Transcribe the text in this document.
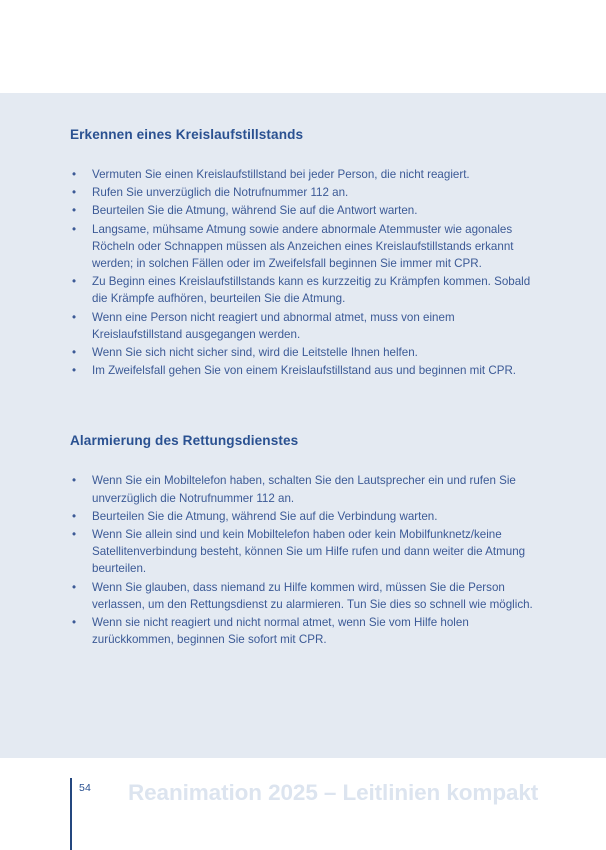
Erkennen eines Kreislaufstillstands
• Vermuten Sie einen Kreislaufstillstand bei jeder Person, die nicht reagiert.
• Rufen Sie unverzüglich die Notrufnummer 112 an.
• Beurteilen Sie die Atmung, während Sie auf die Antwort warten.
• Langsame, mühsame Atmung sowie andere abnormale Atemmuster wie agonales Röcheln oder Schnappen müssen als Anzeichen eines Kreislaufstillstands erkannt werden; in solchen Fällen oder im Zweifelsfall beginnen Sie immer mit CPR.
• Zu Beginn eines Kreislaufstillstands kann es kurzzeitig zu Krämpfen kommen. Sobald die Krämpfe aufhören, beurteilen Sie die Atmung.
• Wenn eine Person nicht reagiert und abnormal atmet, muss von einem Kreislaufstillstand ausgegangen werden.
• Wenn Sie sich nicht sicher sind, wird die Leitstelle Ihnen helfen.
• Im Zweifelsfall gehen Sie von einem Kreislaufstillstand aus und beginnen mit CPR.
Alarmierung des Rettungsdienstes
• Wenn Sie ein Mobiltelefon haben, schalten Sie den Lautsprecher ein und rufen Sie unverzüglich die Notrufnummer 112 an.
• Beurteilen Sie die Atmung, während Sie auf die Verbindung warten.
• Wenn Sie allein sind und kein Mobiltelefon haben oder kein Mobilfunknetz/keine Satellitenverbindung besteht, können Sie um Hilfe rufen und dann weiter die Atmung beurteilen.
• Wenn Sie glauben, dass niemand zu Hilfe kommen wird, müssen Sie die Person verlassen, um den Rettungsdienst zu alarmieren. Tun Sie dies so schnell wie möglich.
• Wenn sie nicht reagiert und nicht normal atmet, wenn Sie vom Hilfe holen zurückkommen, beginnen Sie sofort mit CPR.
54 Reanimation 2025 – Leitlinien kompakt
